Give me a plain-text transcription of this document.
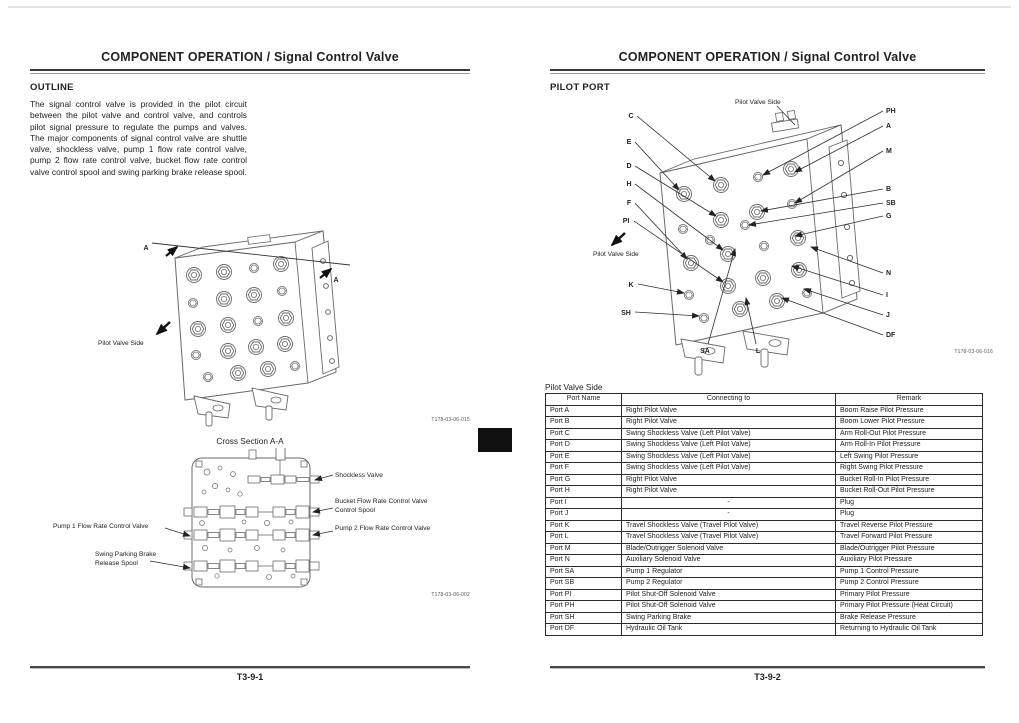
COMPONENT OPERATION / Signal Control Valve
OUTLINE
The signal control valve is provided in the pilot circuit between the pilot valve and control valve, and controls pilot signal pressure to regulate the pumps and valves. The major components of signal control valve are shuttle valve, shockless valve, pump 1 flow rate control valve, pump 2 flow rate control valve, bucket flow rate control valve control spool and swing parking brake release spool.
A
A
Pilot Valve Side
T178-03-06-015
Cross Section A-A
Shockless Valve
Bucket Flow Rate Control Valve
Control Spool
Pump 2 Flow Rate Control Valve
Pump 1 Flow Rate Control Valve
Swing Parking Brake
Release Spool
T178-03-06-002
T3-9-1
COMPONENT OPERATION / Signal Control Valve
PILOT PORT
C
E
D
H
F
PI
K
SH
SA	L
PH
A
M
B
SB
G
N
I
J
DF
Pilot Valve Side
Pilot Valve Side
T178-03-06-016
Pilot Valve Side
Port Name	Connecting to	Remark
Port A	Right Pilot Valve	Boom Raise Pilot Pressure
Port B	Right Pilot Valve	Boom Lower Pilot Pressure
Port C	Swing Shockless Valve (Left Pilot Valve)	Arm Roll-Out Pilot Pressure
Port D	Swing Shockless Valve (Left Pilot Valve)	Arm Roll-In Pilot Pressure
Port E	Swing Shockless Valve (Left Pilot Valve)	Left Swing Pilot Pressure
Port F	Swing Shockless Valve (Left Pilot Valve)	Right Swing Pilot Pressure
Port G	Right Pilot Valve	Bucket Roll-In Pilot Pressure
Port H	Right Pilot Valve	Bucket Roll-Out Pilot Pressure
Port I	-	Plug
Port J	-	Plug
Port K	Travel Shockless Valve (Travel Pilot Valve)	Travel Reverse Pilot Pressure
Port L	Travel Shockless Valve (Travel Pilot Valve)	Travel Forward Pilot Pressure
Port M	Blade/Outrigger Solenoid Valve	Blade/Outrigger Pilot Pressure
Port N	Auxiliary Solenoid Valve	Auxiliary Pilot Pressure
Port SA	Pump 1 Regulator	Pump 1 Control Pressure
Port SB	Pump 2 Regulator	Pump 2 Control Pressure
Port PI	Pilot Shut-Off Solenoid Valve	Primary Pilot Pressure
Port PH	Pilot Shut-Off Solenoid Valve	Primary Pilot Pressure (Heat Circuit)
Port SH	Swing Parking Brake	Brake Release Pressure
Port DF	Hydraulic Oil Tank	Returning to Hydraulic Oil Tank
T3-9-2
